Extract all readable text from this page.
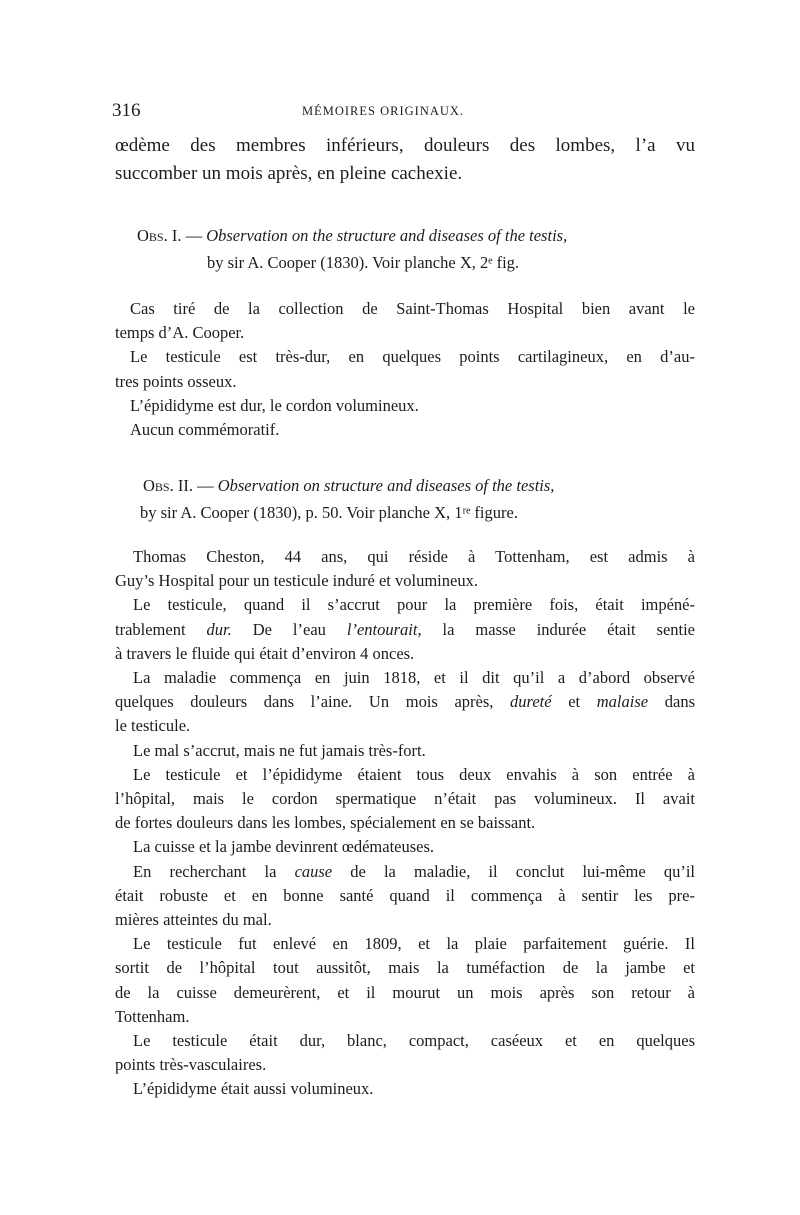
316	MÉMOIRES ORIGINAUX.
œdème des membres inférieurs, douleurs des lombes, l’a vu
succomber un mois après, en pleine cachexie.
Obs. I. — Observation on the structure and diseases of the testis,
by sir A. Cooper (1830). Voir planche X, 2ᵉ fig.
Cas tiré de la collection de Saint-Thomas Hospital bien avant le
temps d’A. Cooper.
Le testicule est très-dur, en quelques points cartilagineux, en d’au-
tres points osseux.
L’épididyme est dur, le cordon volumineux.
Aucun commémoratif.
Obs. II. — Observation on structure and diseases of the testis,
by sir A. Cooper (1830), p. 50. Voir planche X, 1ʳᵉ figure.
Thomas Cheston, 44 ans, qui réside à Tottenham, est admis à
Guy’s Hospital pour un testicule induré et volumineux.
Le testicule, quand il s’accrut pour la première fois, était impéné-
trablement dur. De l’eau l’entourait, la masse indurée était sentie
à travers le fluide qui était d’environ 4 onces.
La maladie commença en juin 1818, et il dit qu’il a d’abord observé
quelques douleurs dans l’aine. Un mois après, dureté et malaise dans
le testicule.
Le mal s’accrut, mais ne fut jamais très-fort.
Le testicule et l’épididyme étaient tous deux envahis à son entrée à
l’hôpital, mais le cordon spermatique n’était pas volumineux. Il avait
de fortes douleurs dans les lombes, spécialement en se baissant.
La cuisse et la jambe devinrent œdémateuses.
En recherchant la cause de la maladie, il conclut lui-même qu’il
était robuste et en bonne santé quand il commença à sentir les pre-
mières atteintes du mal.
Le testicule fut enlevé en 1809, et la plaie parfaitement guérie. Il
sortit de l’hôpital tout aussitôt, mais la tuméfaction de la jambe et
de la cuisse demeurèrent, et il mourut un mois après son retour à
Tottenham.
Le testicule était dur, blanc, compact, caséeux et en quelques
points très-vasculaires.
L’épididyme était aussi volumineux.
